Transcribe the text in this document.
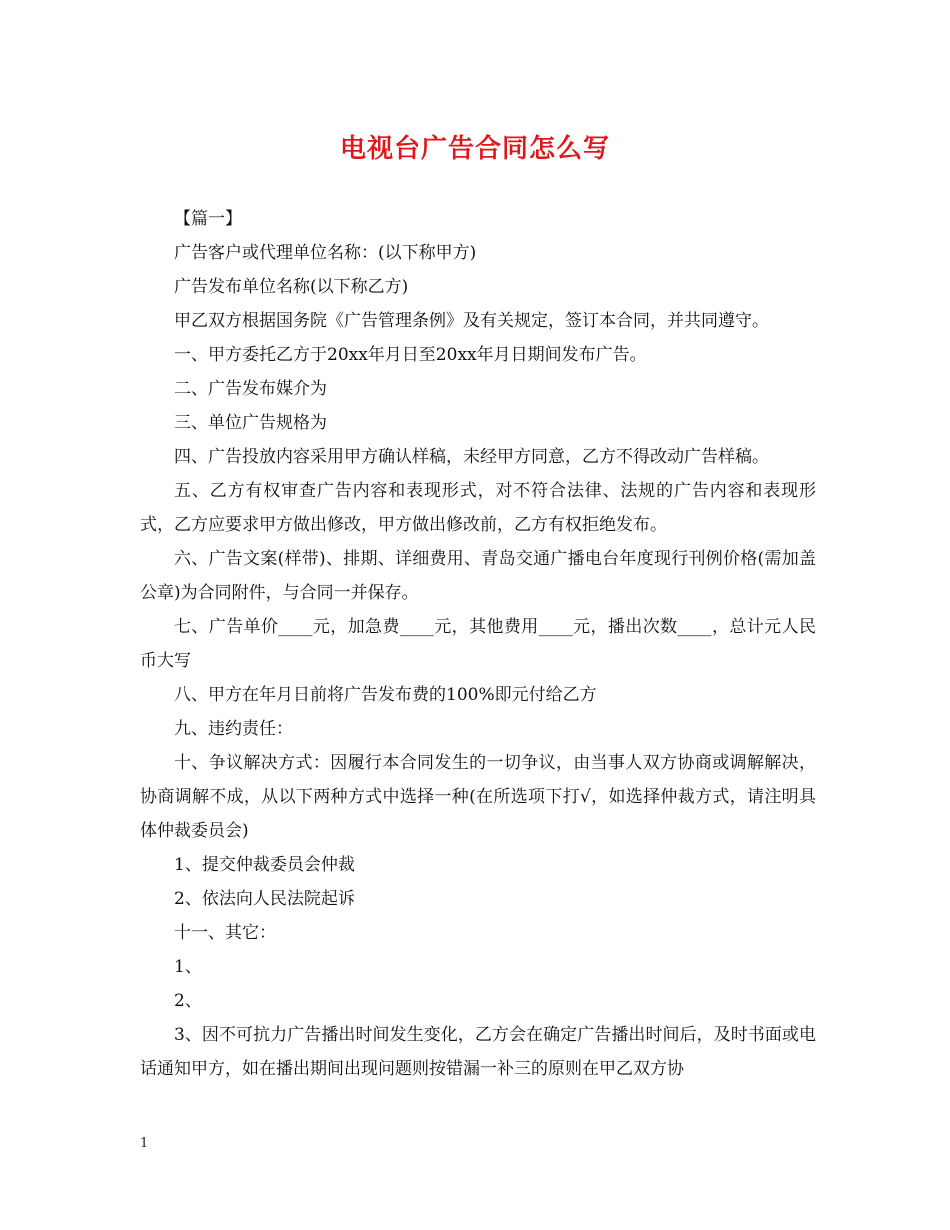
电视台广告合同怎么写

【篇一】

广告客户或代理单位名称：(以下称甲方)

广告发布单位名称(以下称乙方)

甲乙双方根据国务院《广告管理条例》及有关规定，签订本合同，并共同遵守。

一、甲方委托乙方于20xx年月日至20xx年月日期间发布广告。

二、广告发布媒介为

三、单位广告规格为

四、广告投放内容采用甲方确认样稿，未经甲方同意，乙方不得改动广告样稿。

五、乙方有权审查广告内容和表现形式，对不符合法律、法规的广告内容和表现形式，乙方应要求甲方做出修改，甲方做出修改前，乙方有权拒绝发布。

六、广告文案(样带)、排期、详细费用、青岛交通广播电台年度现行刊例价格(需加盖公章)为合同附件，与合同一并保存。

七、广告单价____元，加急费____元，其他费用____元，播出次数____，总计元人民币大写

八、甲方在年月日前将广告发布费的100%即元付给乙方

九、违约责任：

十、争议解决方式：因履行本合同发生的一切争议，由当事人双方协商或调解解决，协商调解不成，从以下两种方式中选择一种(在所选项下打√，如选择仲裁方式，请注明具体仲裁委员会)

1、提交仲裁委员会仲裁

2、依法向人民法院起诉

十一、其它：

1、

2、

3、因不可抗力广告播出时间发生变化，乙方会在确定广告播出时间后，及时书面或电话通知甲方，如在播出期间出现问题则按错漏一补三的原则在甲乙双方协

1
